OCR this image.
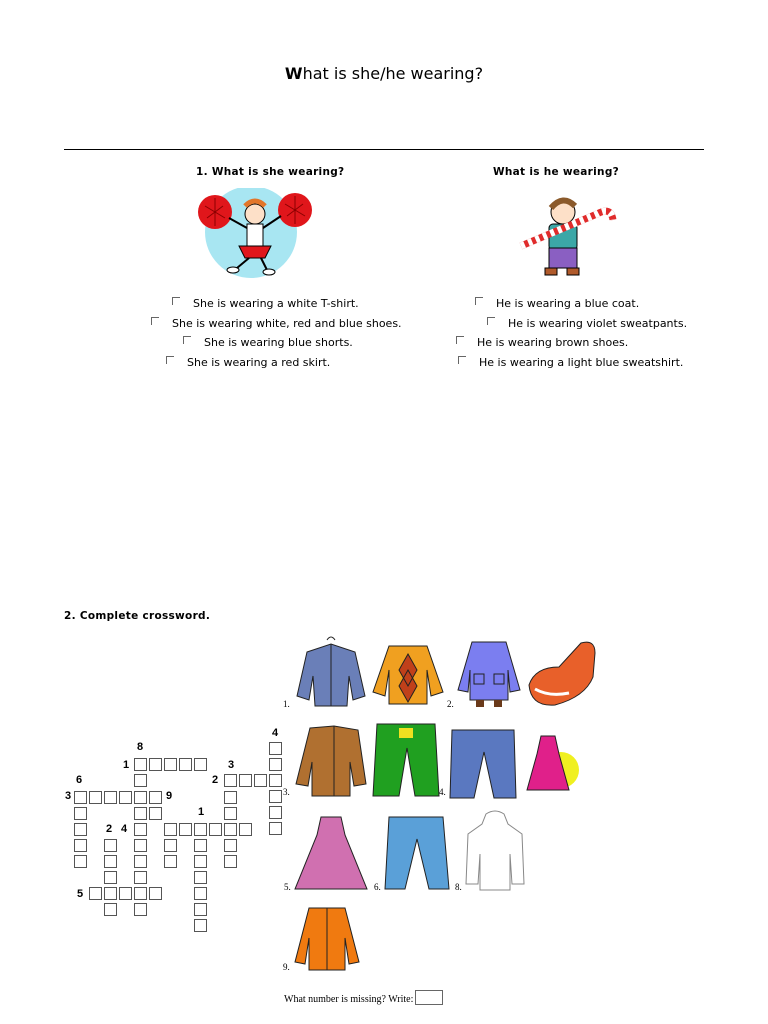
What is she/he wearing?
1. What is she wearing?	What is he wearing?
She is wearing a white T-shirt.
She is wearing white, red and blue shoes.
She is wearing blue shorts.
She is wearing a red skirt.
He is wearing a blue coat.
He is wearing violet sweatpants.
He is wearing brown shoes.
He is wearing a light blue sweatshirt.
2. Complete crossword.
8
1	3
6	2
4
3	9
1
2 4
5
1.	2.
3.	4.
5.	6.	8.
9.
What number is missing? Write:
